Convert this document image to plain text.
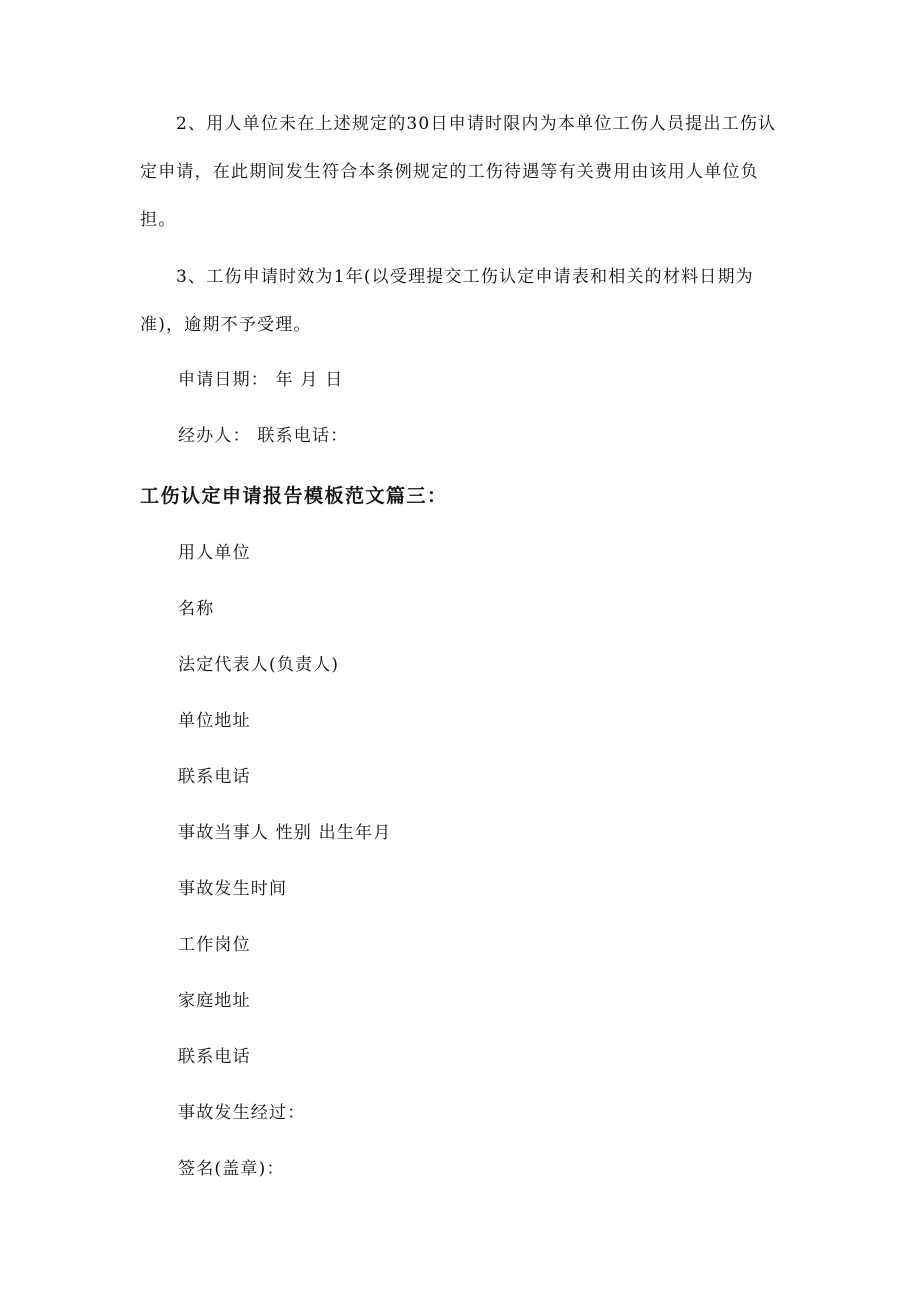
2、用人单位未在上述规定的30日申请时限内为本单位工伤人员提出工伤认定申请，在此期间发生符合本条例规定的工伤待遇等有关费用由该用人单位负担。

3、工伤申请时效为1年(以受理提交工伤认定申请表和相关的材料日期为准)，逾期不予受理。

申请日期： 年 月 日

经办人： 联系电话：

工伤认定申请报告模板范文篇三：

用人单位

名称

法定代表人(负责人)

单位地址

联系电话

事故当事人 性别 出生年月

事故发生时间

工作岗位

家庭地址

联系电话

事故发生经过：

签名(盖章)：
